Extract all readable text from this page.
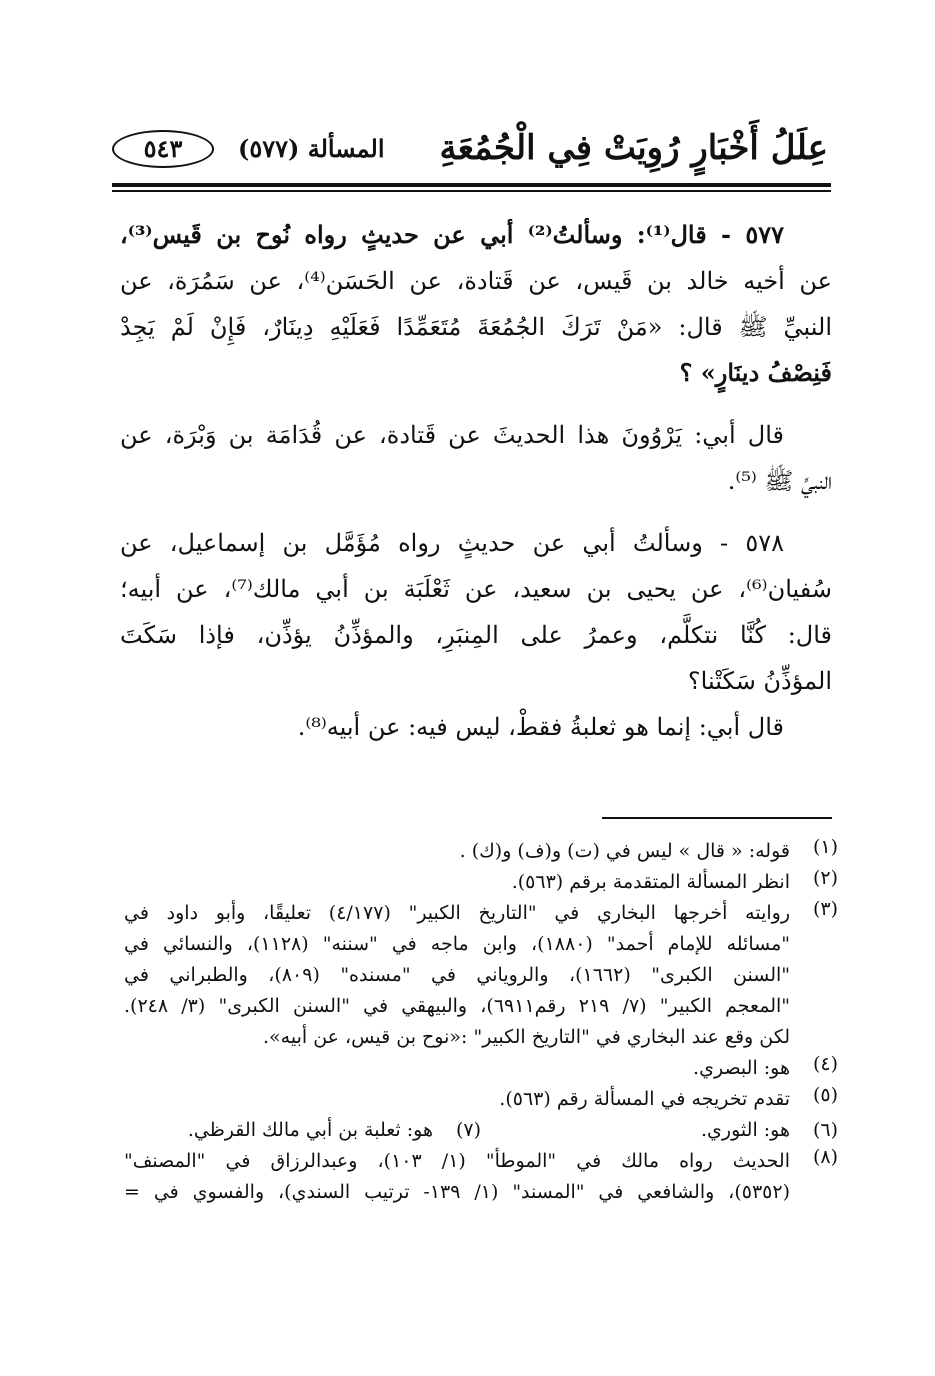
عِلَلُ أَخْبَارٍ رُوِيَتْ فِي الْجُمُعَةِ
المسألة (٥٧٧)
٥٤٣
٥٧٧ - قال⁽¹⁾: وسألتُ⁽²⁾ أبي عن حديثٍ رواه نُوح بن قَيس⁽³⁾،
عن أخيه خالد بن قَيس، عن قَتادة، عن الحَسَن⁽⁴⁾، عن سَمُرَة، عن
النبيِّ ﷺ قال: «مَنْ تَرَكَ الجُمُعَةَ مُتَعَمِّدًا فَعَلَيْهِ دِينَارٌ، فَإِنْ لَمْ يَجِدْ
فَنِصْفُ دينَارٍ» ؟
قال أبي: يَرْوُونَ هذا الحديثَ عن قَتادة، عن قُدَامَة بن وَبْرَة، عن
النبيِّ ﷺ ⁽⁵⁾.
٥٧٨ - وسألتُ أبي عن حديثٍ رواه مُؤَمَّل بن إسماعيل، عن
سُفيان⁽⁶⁾، عن يحيى بن سعيد، عن ثَعْلَبَة بن أبي مالك⁽⁷⁾، عن أبيه؛
قال: كُنَّا نتكلَّم، وعمرُ على المِنبَرِ، والمؤذِّنُ يؤذِّن، فإذا سَكَتَ
المؤذِّنُ سَكَتْنا؟
قال أبي: إنما هو ثعلبةُ فقطْ، ليس فيه: عن أبيه⁽⁸⁾.
(١)
قوله: « قال » ليس في (ت) و(ف) و(ك) .
(٢)
انظر المسألة المتقدمة برقم (٥٦٣).
(٣)
روايته أخرجها البخاري في "التاريخ الكبير" (٤/١٧٧) تعليقًا، وأبو داود في
"مسائله للإمام أحمد" (١٨٨٠)، وابن ماجه في "سننه" (١١٢٨)، والنسائي في
"السنن الكبرى" (١٦٦٢)، والروياني في "مسنده" (٨٠٩)، والطبراني في
"المعجم الكبير" (٧/ ٢١٩ رقم٦٩١١)، والبيهقي في "السنن الكبرى" (٣/ ٢٤٨).
لكن وقع عند البخاري في "التاريخ الكبير" :«نوح بن قيس، عن أبيه».
(٤)
هو: البصري.
(٥)
تقدم تخريجه في المسألة رقم (٥٦٣).
(٦)
هو: الثوري.
(٧)
هو: ثعلبة بن أبي مالك القرظي.
(٨)
الحديث رواه مالك في "الموطأ" (١/ ١٠٣)، وعبدالرزاق في "المصنف"
(٥٣٥٢)، والشافعي في "المسند" (١/ ١٣٩- ترتيب السندي)، والفسوي في =
